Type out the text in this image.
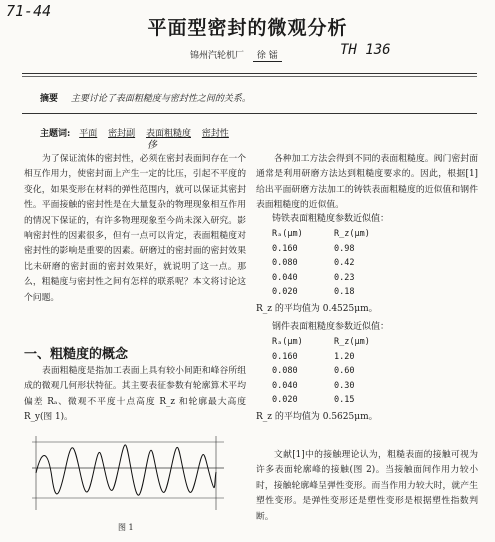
71-44
平面型密封的微观分析
锦州汽轮机厂 徐 镭	TH 136
摘要 主要讨论了表面粗糙度与密封性之间的关系。
主题词: 平面 密封副 表面粗糙度 密封性
侈

为了保证流体的密封性，必须在密封表面间存在一个相互作用力，使密封面上产生一定的比压，引起不平度的变化，如果变形在材料的弹性范围内，就可以保证其密封性。平面接触的密封性是在大量复杂的物理现象相互作用的情况下保证的，有许多物理现象至今尚未深入研究。影响密封性的因素很多，但有一点可以肯定，表面粗糙度对密封性的影响是重要的因素。研磨过的密封面的密封效果比未研磨的密封面的密封效果好，就说明了这一点。那么，粗糙度与密封性之间有怎样的联系呢？本文将讨论这个问题。

一、粗糙度的概念

表面粗糙度是指加工表面上具有较小间距和峰谷所组成的微观几何形状特征。其主要表征参数有轮廓算术平均偏差 Rₐ、微观不平度十点高度 R_z 和轮廓最大高度 R_y(图 1)。

图 1

各种加工方法会得到不同的表面粗糙度。阀门密封面通常是利用研磨方法达到粗糙度要求的。因此，根据[1]给出平面研磨方法加工的铸铁表面粗糙度的近似值和钢件表面粗糙度的近似值。

铸铁表面粗糙度参数近似值：
Rₐ(μm)	R_z(μm)
0.160	0.98
0.080	0.42
0.040	0.23
0.020	0.18
R_z 的平均值为 0.4525μm。
钢件表面粗糙度参数近似值：
Rₐ(μm)	R_z(μm)
0.160	1.20
0.080	0.60
0.040	0.30
0.020	0.15
R_z 的平均值为 0.5625μm。

文献[1]中的接触理论认为，粗糙表面的接触可视为许多表面轮廓峰的接触(图 2)。当接触面间作用力较小时，接触轮廓峰呈弹性变形。而当作用力较大时，就产生塑性变形。是弹性变形还是塑性变形是根据塑性指数判断。
